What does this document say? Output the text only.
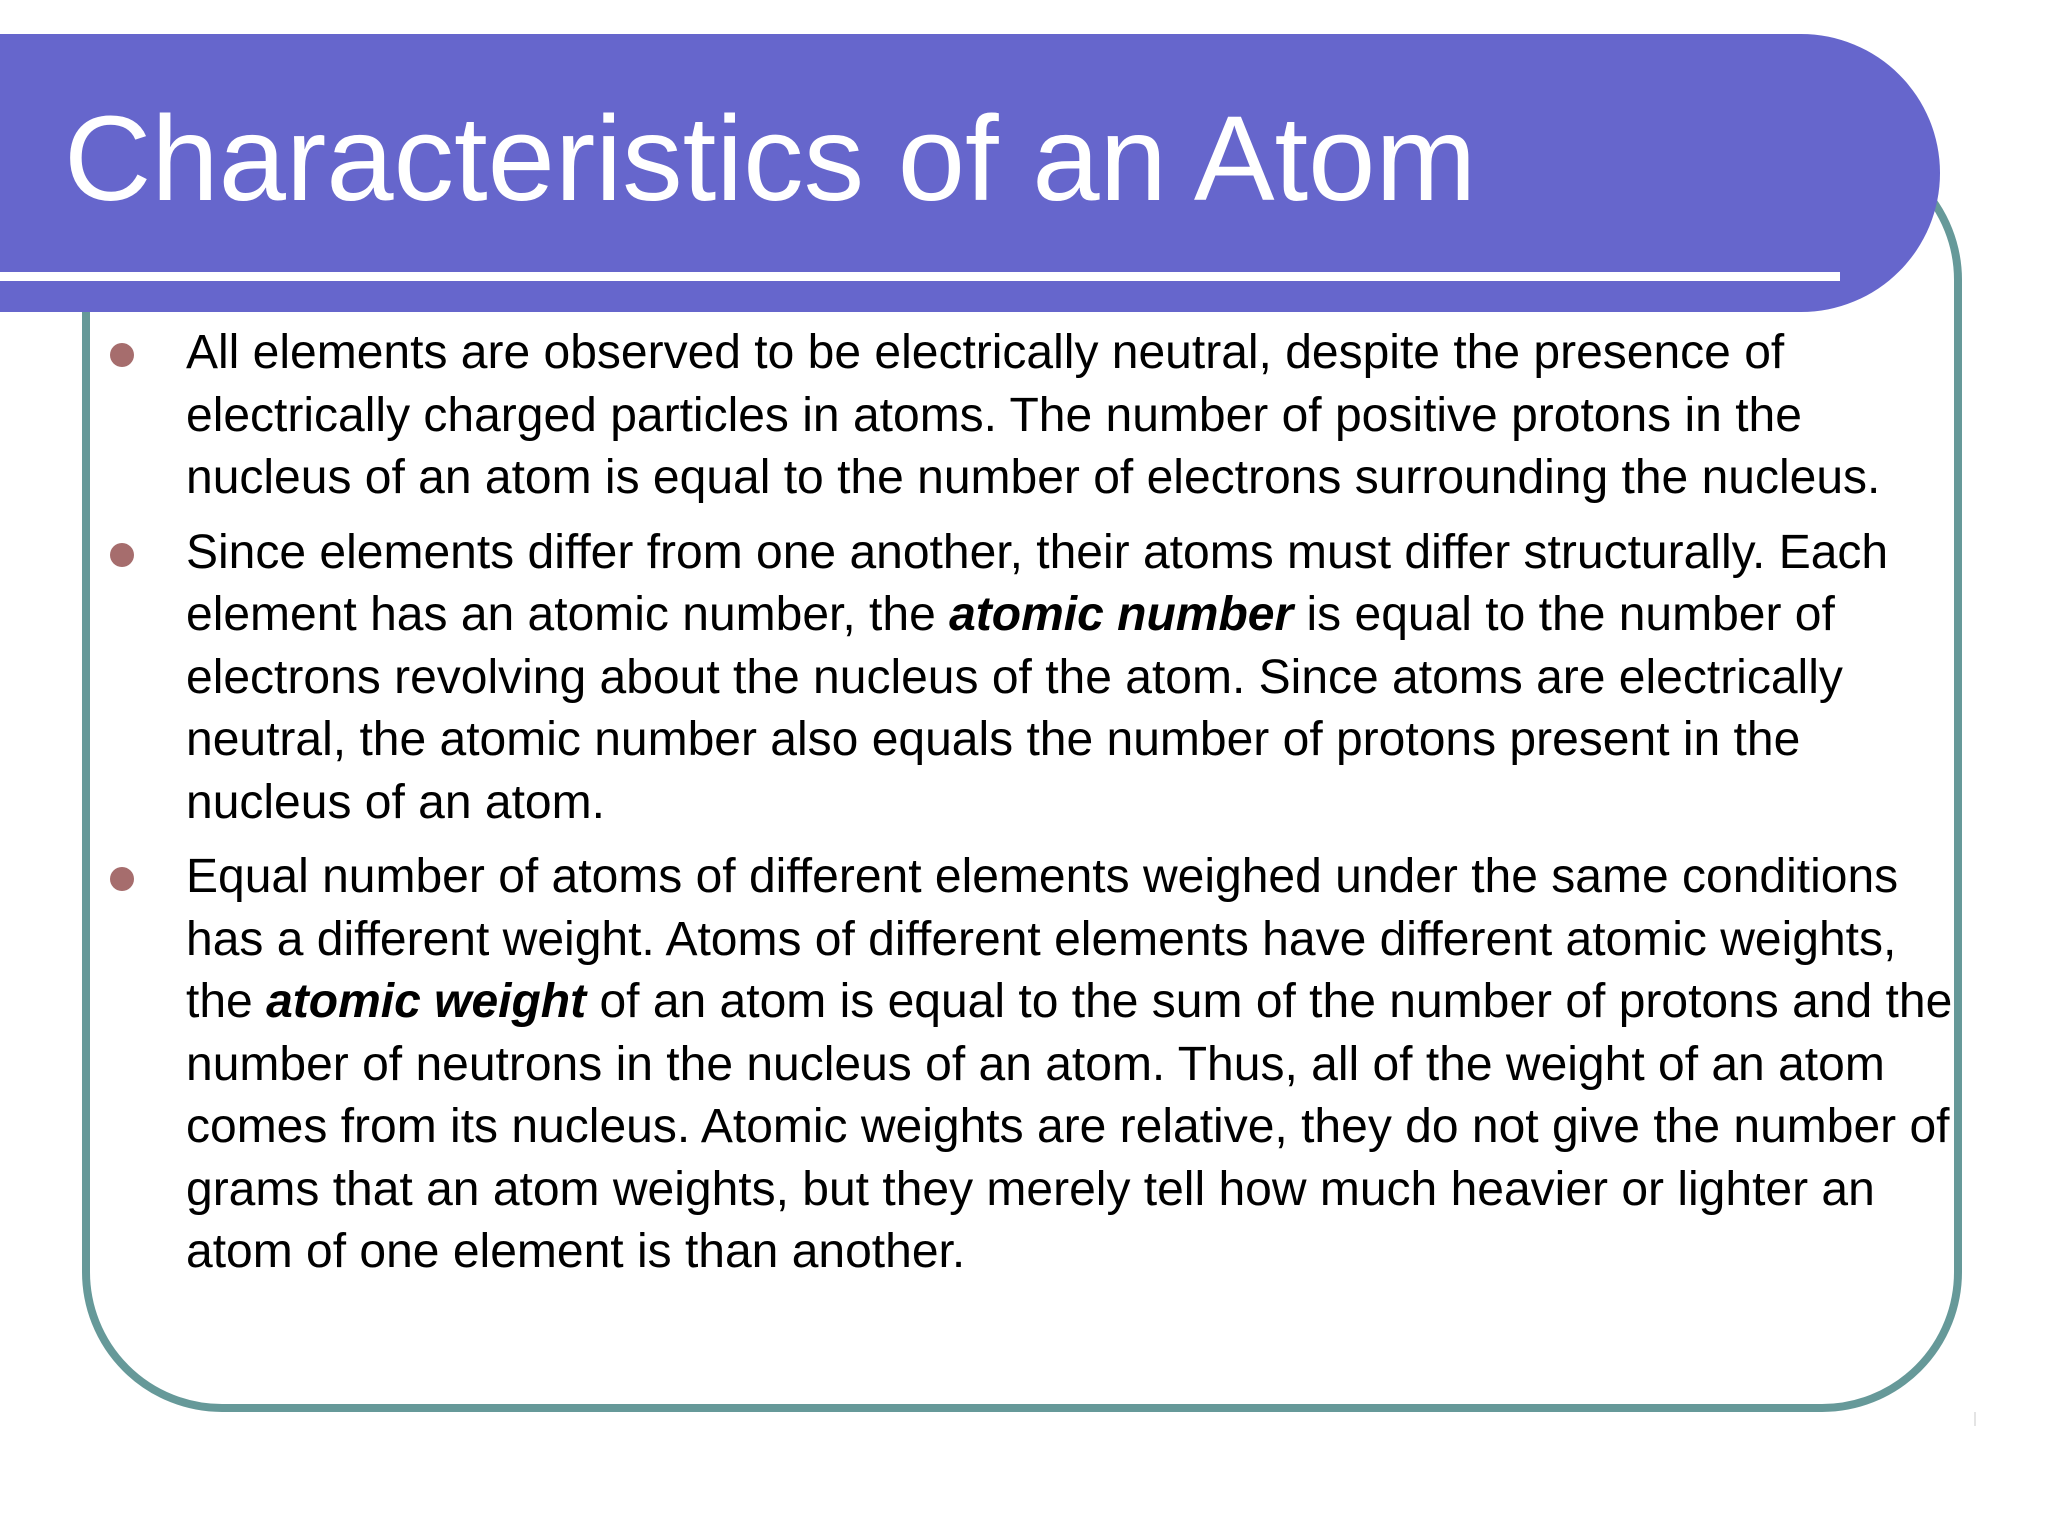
Characteristics of an Atom
All elements are observed to be electrically neutral, despite the presence of electrically charged particles in atoms. The number of positive protons in the nucleus of an atom is equal to the number of electrons surrounding the nucleus.
Since elements differ from one another, their atoms must differ structurally. Each element has an atomic number, the atomic number is equal to the number of electrons revolving about the nucleus of the atom. Since atoms are electrically neutral, the atomic number also equals the number of protons present in the nucleus of an atom.
Equal number of atoms of different elements weighed under the same conditions has a different weight. Atoms of different elements have different atomic weights, the atomic weight of an atom is equal to the sum of the number of protons and the number of neutrons in the nucleus of an atom. Thus, all of the weight of an atom comes from its nucleus. Atomic weights are relative, they do not give the number of grams that an atom weights, but they merely tell how much heavier or lighter an atom of one element is than another.
